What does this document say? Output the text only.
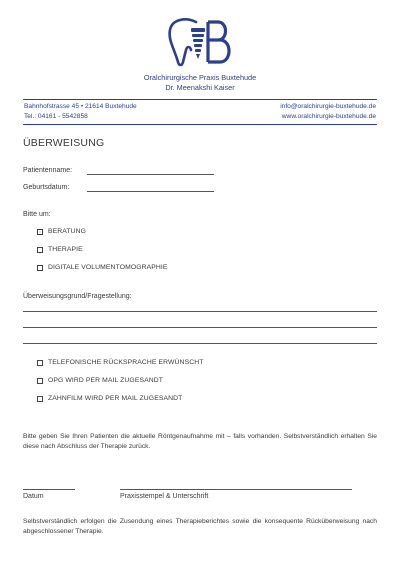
Oralchirurgische Praxis Buxtehude
Dr. Meenakshi Kaiser
Bahnhofstrasse 45 • 21614 Buxtehude
Tel.: 04161 - 5542858
info@oralchirurgie-buxtehude.de
www.oralchirurgie-buxtehude.de
ÜBERWEISUNG
Patientenname:
Geburtsdatum:
Bitte um:
BERATUNG
THERAPIE
DIGITALE VOLUMENTOMOGRAPHIE
Überweisungsgrund/Fragestellung:
TELEFONISCHE RÜCKSPRACHE ERWÜNSCHT
OPG WIRD PER MAIL ZUGESANDT
ZAHNFILM WIRD PER MAIL ZUGESANDT
Bitte geben Sie Ihren Patienten die aktuelle Röntgenaufnahme mit – falls vorhanden. Selbstverständlich erhalten Sie diese nach Abschluss der Therapie zurück.
Datum	Praxisstempel & Unterschrift
Selbstverständlich erfolgen die Zusendung eines Therapieberichtes sowie die konsequente Rücküberweisung nach abgeschlossener Therapie.
